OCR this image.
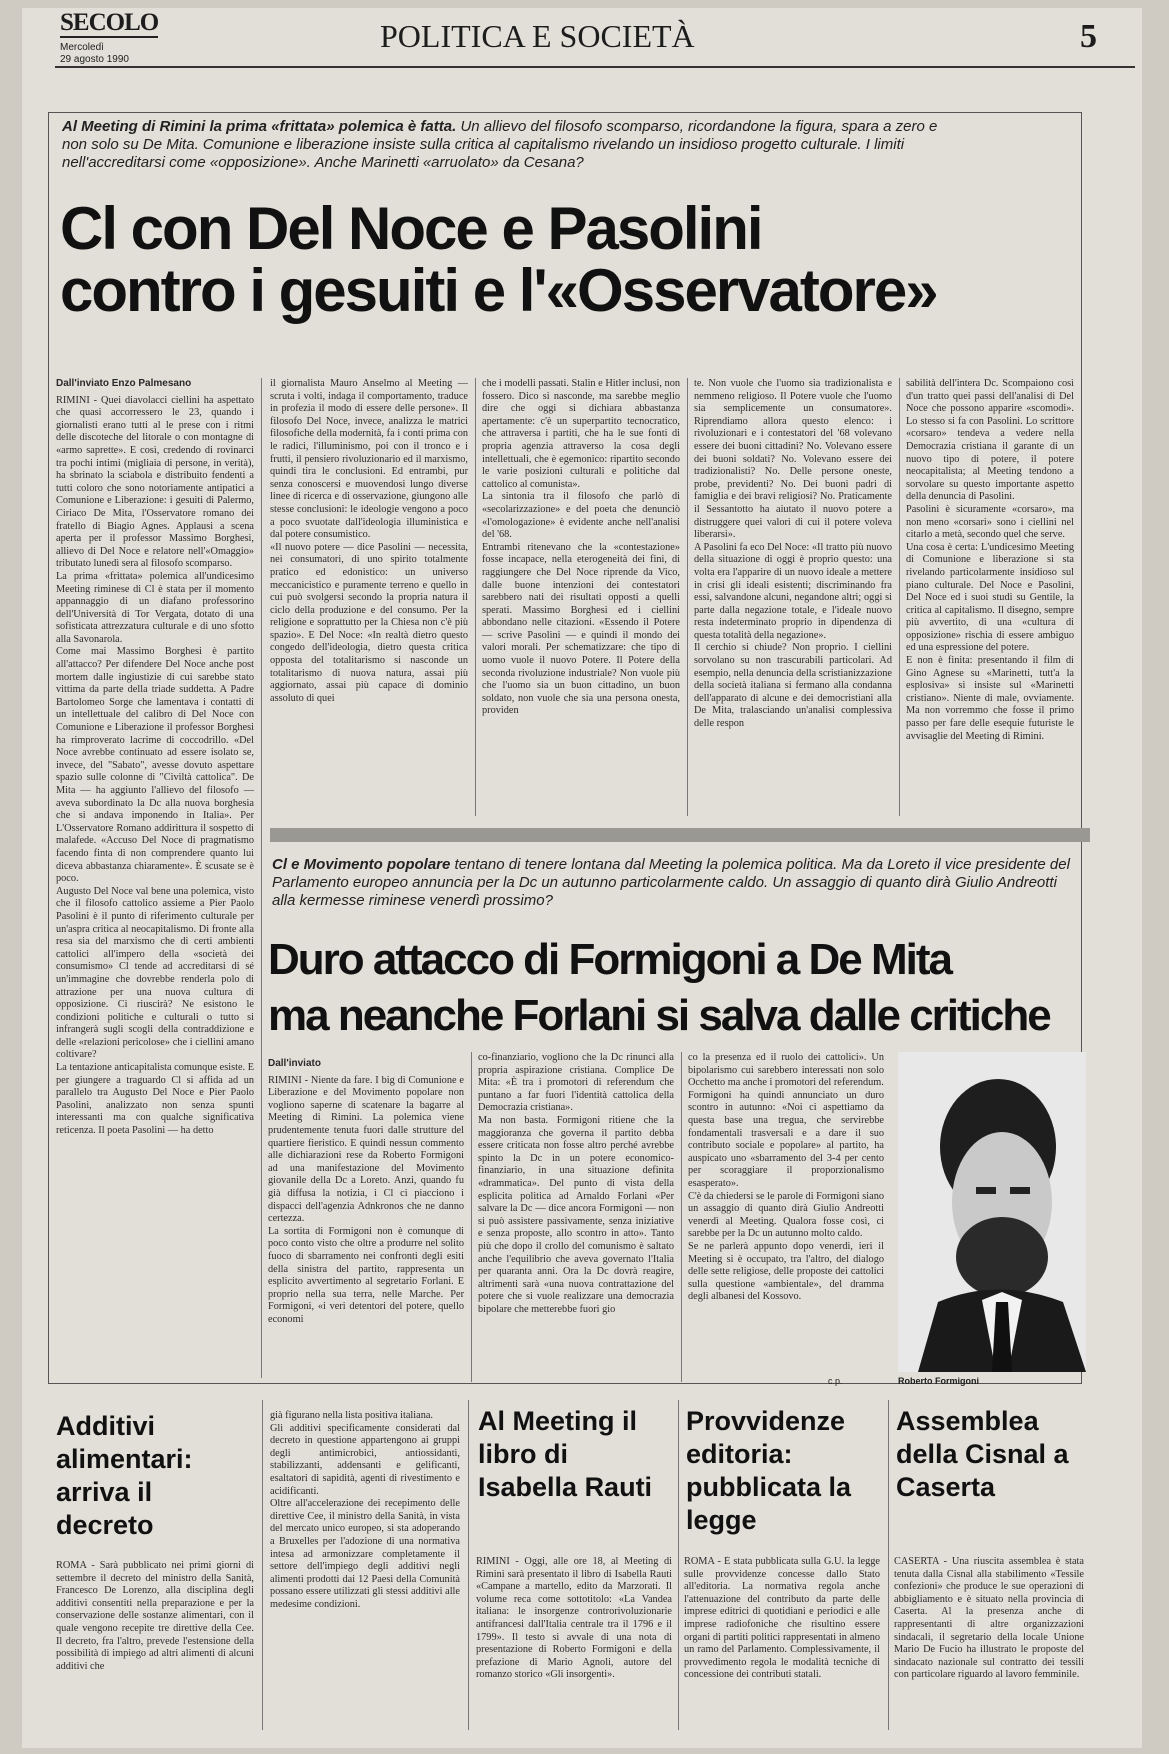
SECOLO
Mercoledì
29 agosto 1990
POLITICA E SOCIETÀ	5
Al Meeting di Rimini la prima «frittata» polemica è fatta. Un allievo del filosofo scomparso, ricordandone la figura, spara a zero e non solo su De Mita. Comunione e liberazione insiste sulla critica al capitalismo rivelando un insidioso progetto culturale. I limiti nell'accreditarsi come «opposizione». Anche Marinetti «arruolato» da Cesana?
Cl con Del Noce e Pasolini
contro i gesuiti e l'«Osservatore»
Dall'inviato Enzo Palmesano
RIMINI - Quei diavolacci ciellini ha aspettato che quasi accorressero le 23, quando i giornalisti erano tutti al le prese con i ritmi delle discoteche del litorale o con montagne di «armo saprette». E così, credendo di rovinarci tra pochi intimi (migliaia di persone, in verità), ha sbrinato la sciabola e distribuito fendenti a tutti coloro che sono notoriamente antipatici a Comunione e Liberazione: i gesuiti di Palermo, Ciriaco De Mita, l'Osservatore romano dei fratello di Biagio Agnes. Applausi a scena aperta per il professor Massimo Borghesi, allievo di Del Noce e relatore nell'«Omaggio» tributato lunedì sera al filosofo scomparso.
La prima «frittata» polemica all'undicesimo Meeting riminese di Cl è stata per il momento appannaggio di un diafano professorino dell'Università di Tor Vergata, dotato di una sofisticata attrezzatura culturale e di uno sfotto alla Savonarola.
Come mai Massimo Borghesi è partito all'attacco? Per difendere Del Noce anche post mortem dalle ingiustizie di cui sarebbe stato vittima da parte della triade suddetta. A Padre Bartolomeo Sorge che lamentava i contatti di un intellettuale del calibro di Del Noce con Comunione e Liberazione il professor Borghesi ha rimproverato lacrime di coccodrillo. «Del Noce avrebbe continuato ad essere isolato se, invece, del "Sabato", avesse dovuto aspettare spazio sulle colonne di "Civiltà cattolica". De Mita — ha aggiunto l'allievo del filosofo — aveva subordinato la Dc alla nuova borghesia che si andava imponendo in Italia». Per L'Osservatore Romano addirittura il sospetto di malafede. «Accuso Del Noce di pragmatismo facendo finta di non comprendere quanto lui diceva abbastanza chiaramente». È scusate se è poco.
Augusto Del Noce val bene una polemica, visto che il filosofo cattolico assieme a Pier Paolo Pasolini è il punto di riferimento culturale per un'aspra critica al neocapitalismo. Di fronte alla resa sia del marxismo che di certi ambienti cattolici all'impero della «società dei consumismo» Cl tende ad accreditarsi di sé un'immagine che dovrebbe renderla polo di attrazione per una nuova cultura di opposizione. Ci riuscirà? Ne esistono le condizioni politiche e culturali o tutto si infrangerà sugli scogli della contraddizione e delle «relazioni pericolose» che i ciellini amano coltivare?
La tentazione anticapitalista comunque esiste. E per giungere a traguardo Cl si affida ad un parallelo tra Augusto Del Noce e Pier Paolo Pasolini, analizzato non senza spunti interessanti ma con qualche significativa reticenza. Il poeta Pasolini — ha detto
il giornalista Mauro Anselmo al Meeting — scruta i volti, indaga il comportamento, traduce in profezia il modo di essere delle persone». Il filosofo Del Noce, invece, analizza le matrici filosofiche della modernità, fa i conti prima con le radici, l'illuminismo, poi con il tronco e i frutti, il pensiero rivoluzionario ed il marxismo, quindi tira le conclusioni. Ed entrambi, pur senza conoscersi e muovendosi lungo diverse linee di ricerca e di osservazione, giungono alle stesse conclusioni: le ideologie vengono a poco a poco svuotate dall'ideologia illuministica e dal potere consumistico.
«Il nuovo potere — dice Pasolini — necessita, nei consumatori, di uno spirito totalmente pratico ed edonistico: un universo meccanicistico e puramente terreno e quello in cui può svolgersi secondo la propria natura il ciclo della produzione e del consumo. Per la religione e soprattutto per la Chiesa non c'è più spazio». E Del Noce: «In realtà dietro questo congedo dell'ideologia, dietro questa critica opposta del totalitarismo si nasconde un totalitarismo di nuova natura, assai più aggiornato, assai più capace di dominio assoluto di quei
che i modelli passati. Stalin e Hitler inclusi, non fossero. Dico si nasconde, ma sarebbe meglio dire che oggi si dichiara abbastanza apertamente: c'è un superpartito tecnocratico, che attraversa i partiti, che ha le sue fonti di propria agenzia attraverso la cosa degli intellettuali, che è egemonico: ripartito secondo le varie posizioni culturali e politiche dal cattolico al comunista».
La sintonia tra il filosofo che parlò di «secolarizzazione» e del poeta che denunciò «l'omologazione» è evidente anche nell'analisi del '68.
Entrambi ritenevano che la «contestazione» fosse incapace, nella eterogeneità dei fini, di raggiungere che Del Noce riprende da Vico, dalle buone intenzioni dei contestatori sarebbero nati dei risultati opposti a quelli sperati. Massimo Borghesi ed i ciellini abbondano nelle citazioni. «Essendo il Potere — scrive Pasolini — e quindi il mondo dei valori morali. Per schematizzare: che tipo di uomo vuole il nuovo Potere. Il Potere della seconda rivoluzione industriale? Non vuole più che l'uomo sia un buon cittadino, un buon soldato, non vuole che sia una persona onesta, providen
te. Non vuole che l'uomo sia tradizionalista e nemmeno religioso. Il Potere vuole che l'uomo sia semplicemente un consumatore». Riprendiamo allora questo elenco: i rivoluzionari e i contestatori del '68 volevano essere dei buoni cittadini? No. Volevano essere dei buoni soldati? No. Volevano essere dei tradizionalisti? No. Delle persone oneste, probe, previdenti? No. Dei buoni padri di famiglia e dei bravi religiosi? No. Praticamente il Sessantotto ha aiutato il nuovo potere a distruggere quei valori di cui il potere voleva liberarsi».
A Pasolini fa eco Del Noce: «Il tratto più nuovo della situazione di oggi è proprio questo: una volta era l'apparire di un nuovo ideale a mettere in crisi gli ideali esistenti; discriminando fra essi, salvandone alcuni, negandone altri; oggi si parte dalla negazione totale, e l'ideale nuovo resta indeterminato proprio in dipendenza di questa totalità della negazione».
Il cerchio si chiude? Non proprio. I ciellini sorvolano su non trascurabili particolari. Ad esempio, nella denuncia della scristianizzazione della società italiana si fermano alla condanna dell'apparato di alcune e dei democristiani alla De Mita, tralasciando un'analisi complessiva delle respon
sabilità dell'intera Dc. Scompaiono così d'un tratto quei passi dell'analisi di Del Noce che possono apparire «scomodi». Lo stesso si fa con Pasolini. Lo scrittore «corsaro» tendeva a vedere nella Democrazia cristiana il garante di un nuovo tipo di potere, il potere neocapitalista; al Meeting tendono a sorvolare su questo importante aspetto della denuncia di Pasolini.
Pasolini è sicuramente «corsaro», ma non meno «corsari» sono i ciellini nel citarlo a metà, secondo quel che serve.
Una cosa è certa: L'undicesimo Meeting di Comunione e liberazione si sta rivelando particolarmente insidioso sul piano culturale. Del Noce e Pasolini, Del Noce ed i suoi studi su Gentile, la critica al capitalismo. Il disegno, sempre più avvertito, di una «cultura di opposizione» rischia di essere ambiguo ed una espressione del potere.
E non è finita: presentando il film di Gino Agnese su «Marinetti, tutt'a la esplosiva» si insiste sul «Marinetti cristiano». Niente di male, ovviamente. Ma non vorremmo che fosse il primo passo per fare delle esequie futuriste le avvisaglie del Meeting di Rimini.
Cl e Movimento popolare tentano di tenere lontana dal Meeting la polemica politica. Ma da Loreto il vice presidente del Parlamento europeo annuncia per la Dc un autunno particolarmente caldo. Un assaggio di quanto dirà Giulio Andreotti alla kermesse riminese venerdì prossimo?
Duro attacco di Formigoni a De Mita
ma neanche Forlani si salva dalle critiche
Dall'inviato
RIMINI - Niente da fare. I big di Comunione e Liberazione e del Movimento popolare non vogliono saperne di scatenare la bagarre al Meeting di Rimini. La polemica viene prudentemente tenuta fuori dalle strutture del quartiere fieristico. E quindi nessun commento alle dichiarazioni rese da Roberto Formigoni ad una manifestazione del Movimento giovanile della Dc a Loreto. Anzi, quando fu già diffusa la notizia, i Cl ci piacciono i dispacci dell'agenzia Adnkronos che ne danno certezza.
La sortita di Formigoni non è comunque di poco conto visto che oltre a produrre nel solito fuoco di sbarramento nei confronti degli esiti della sinistra del partito, rappresenta un esplicito avvertimento al segretario Forlani. E proprio nella sua terra, nelle Marche. Per Formigoni, «i veri detentori del potere, quello economi
co-finanziario, vogliono che la Dc rinunci alla propria aspirazione cristiana. Complice De Mita: «È tra i promotori di referendum che puntano a far fuori l'identità cattolica della Democrazia cristiana».
Ma non basta. Formigoni ritiene che la maggioranza che governa il partito debba essere criticata non fosse altro perché avrebbe spinto la Dc in un potere economico-finanziario, in una situazione definita «drammatica». Del punto di vista della esplicita politica ad Arnaldo Forlani «Per salvare la Dc — dice ancora Formigoni — non si può assistere passivamente, senza iniziative e senza proposte, allo scontro in atto». Tanto più che dopo il crollo del comunismo è saltato anche l'equilibrio che aveva governato l'Italia per quaranta anni. Ora la Dc dovrà reagire, altrimenti sarà «una nuova contrattazione del potere che si vuole realizzare una democrazia bipolare che metterebbe fuori gio
co la presenza ed il ruolo dei cattolici». Un bipolarismo cui sarebbero interessati non solo Occhetto ma anche i promotori del referendum.
Formigoni ha quindi annunciato un duro scontro in autunno: «Noi ci aspettiamo da questa base una tregua, che servirebbe fondamentali trasversali e a dare il suo contributo sociale e popolare» al partito, ha auspicato uno «sbarramento del 3-4 per cento per scoraggiare il proporzionalismo esasperato».
C'è da chiedersi se le parole di Formigoni siano un assaggio di quanto dirà Giulio Andreotti venerdì al Meeting. Qualora fosse così, ci sarebbe per la Dc un autunno molto caldo.
Se ne parlerà appunto dopo venerdì, ieri il Meeting si è occupato, tra l'altro, del dialogo delle sette religiose, delle proposte dei cattolici sulla questione «ambientale», del dramma degli albanesi del Kossovo.
c.p.	Roberto Formigoni
Additivi alimentari: arriva il decreto
ROMA - Sarà pubblicato nei primi giorni di settembre il decreto del ministro della Sanità, Francesco De Lorenzo, alla disciplina degli additivi consentiti nella preparazione e per la conservazione delle sostanze alimentari, con il quale vengono recepite tre direttive della Cee. Il decreto, fra l'altro, prevede l'estensione della possibilità di impiego ad altri alimenti di alcuni additivi che
già figurano nella lista positiva italiana.
Gli additivi specificamente considerati dal decreto in questione appartengono ai gruppi degli antimicrobici, antiossidanti, stabilizzanti, addensanti e gelificanti, esaltatori di sapidità, agenti di rivestimento e acidificanti.
Oltre all'accelerazione dei recepimento delle direttive Cee, il ministro della Sanità, in vista del mercato unico europeo, si sta adoperando a Bruxelles per l'adozione di una normativa intesa ad armonizzare completamente il settore dell'impiego degli additivi negli alimenti prodotti dai 12 Paesi della Comunità possano essere utilizzati gli stessi additivi alle medesime condizioni.
Al Meeting il libro di Isabella Rauti
RIMINI - Oggi, alle ore 18, al Meeting di Rimini sarà presentato il libro di Isabella Rauti «Campane a martello, edito da Marzorati. Il volume reca come sottotitolo: «La Vandea italiana: le insorgenze controrivoluzionarie antifrancesi dall'Italia centrale tra il 1796 e il 1799». Il testo si avvale di una nota di presentazione di Roberto Formigoni e della prefazione di Mario Agnoli, autore del romanzo storico «Gli insorgenti».
Provvidenze editoria: pubblicata la legge
ROMA - È stata pubblicata sulla G.U. la legge sulle provvidenze concesse dallo Stato all'editoria. La normativa regola anche l'attenuazione del contributo da parte delle imprese editrici di quotidiani e periodici e alle imprese radiofoniche che risultino essere organi di partiti politici rappresentati in almeno un ramo del Parlamento. Complessivamente, il provvedimento regola le modalità tecniche di concessione dei contributi statali.
Assemblea della Cisnal a Caserta
CASERTA - Una riuscita assemblea è stata tenuta dalla Cisnal alla stabilimento «Tessile confezioni» che produce le sue operazioni di abbigliamento e è situato nella provincia di Caserta. Al la presenza anche di rappresentanti di altre organizzazioni sindacali, il segretario della locale Unione Mario De Fucio ha illustrato le proposte del sindacato nazionale sul contratto dei tessili con particolare riguardo al lavoro femminile.
